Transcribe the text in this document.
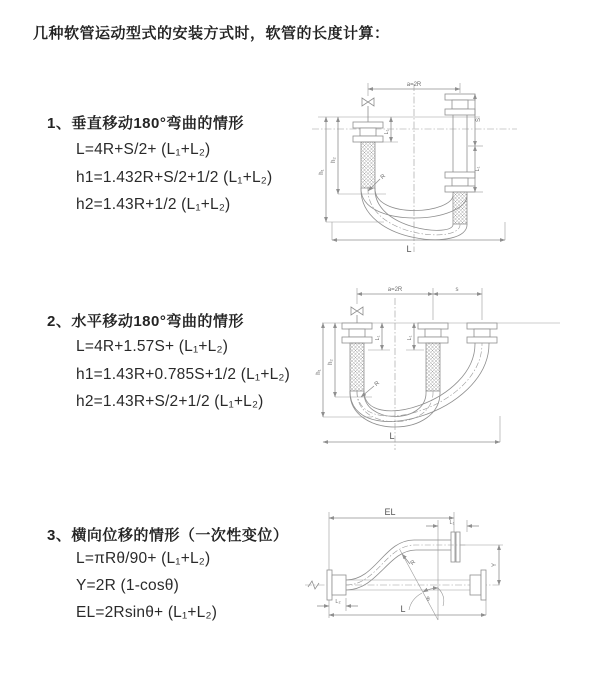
几种软管运动型式的安装方式时，软管的长度计算：
1、垂直移动180°弯曲的情形
L=4R+S/2+ (L₁+L₂)
h1=1.432R+S/2+1/2 (L₁+L₂)
h2=1.43R+1/2 (L₁+L₂)
2、水平移动180°弯曲的情形
L=4R+1.57S+ (L₁+L₂)
h1=1.43R+0.785S+1/2 (L₁+L₂)
h2=1.43R+S/2+1/2 (L₁+L₂)
3、横向位移的情形（一次性变位）
L=πRθ/90+ (L₁+L₂)
Y=2R (1-cosθ)
EL=2Rsinθ+ (L₁+L₂)
a=2R
L₁
S
L₁
h₁
h₂
R
L
a=2R	s
L₁	L₁
h₁
h₂
R
L
EL
L₁
Y
R
θ
L₂
L
